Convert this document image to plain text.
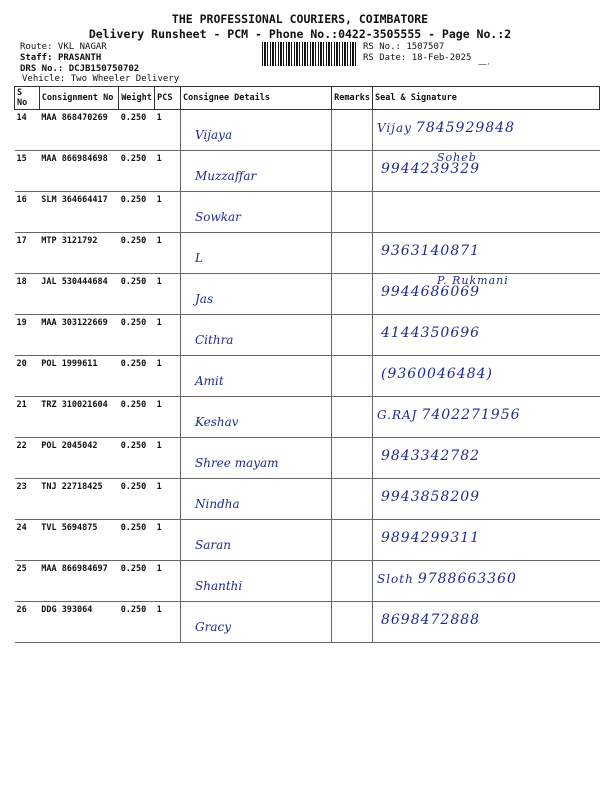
THE PROFESSIONAL COURIERS, COIMBATORE
Delivery Runsheet - PCM - Phone No.:0422-3505555 - Page No.:2
Route: VKL NAGAR
Staff: PRASANTH
DRS No.: DCJB150750702
Vehicle: Two Wheeler Delivery
RS No.: 1507507
RS Date: 18-Feb-2025
—·
S No	Consignment No	Weight	PCS	Consignee Details	Remarks	Seal & Signature
14	MAA 868470269	0.250	1	Vijaya		Vijay 7845929848

15	MAA 866984698	0.250	1	Muzzaffar		Soheb
9944239329

16	SLM 364664417	0.250	1	Sowkar		

17	MTP 3121792	0.250	1	L		9363140871

18	JAL 530444684	0.250	1	Jas		P. Rukmani
9944686069

19	MAA 303122669	0.250	1	Cithra		4144350696

20	POL 1999611	0.250	1	Amit		(9360046484)

21	TRZ 310021604	0.250	1	Keshav		G.RAJ 7402271956

22	POL 2045042	0.250	1	Shree mayam		9843342782

23	TNJ 22718425	0.250	1	Nindha		9943858209

24	TVL 5694875	0.250	1	Saran		9894299311

25	MAA 866984697	0.250	1	Shanthi		Sloth 9788663360

26	DDG 393064	0.250	1	Gracy		8698472888
